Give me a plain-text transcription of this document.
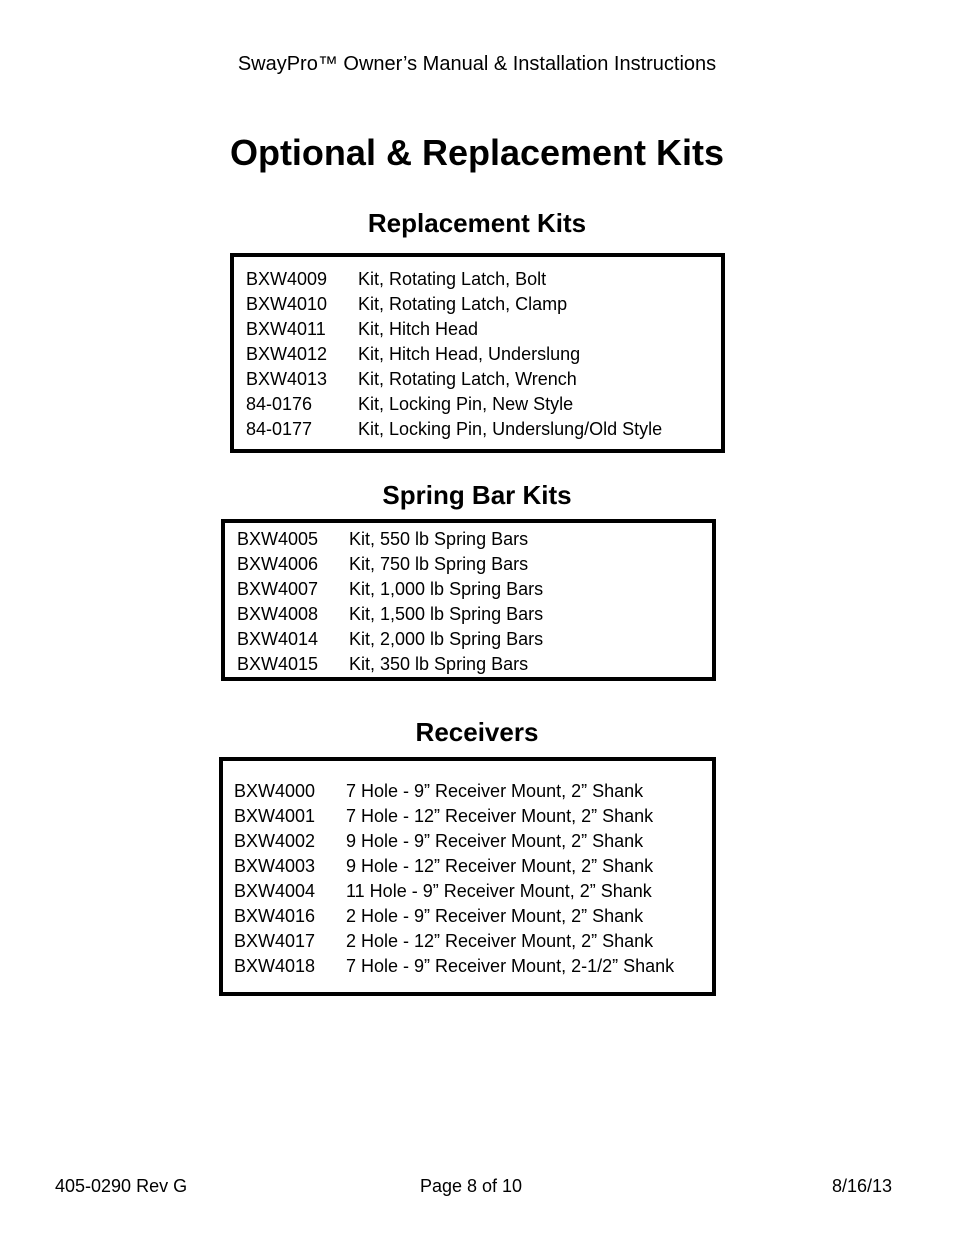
SwayPro™ Owner’s Manual & Installation Instructions
Optional & Replacement Kits
Replacement Kits
BXW4009 Kit, Rotating Latch, Bolt
BXW4010 Kit, Rotating Latch, Clamp
BXW4011 Kit, Hitch Head
BXW4012 Kit, Hitch Head, Underslung
BXW4013 Kit, Rotating Latch, Wrench
84-0176	Kit, Locking Pin, New Style
84-0177	Kit, Locking Pin, Underslung/Old Style
Spring Bar Kits
BXW4005 Kit, 550 lb Spring Bars
BXW4006 Kit, 750 lb Spring Bars
BXW4007 Kit, 1,000 lb Spring Bars
BXW4008 Kit, 1,500 lb Spring Bars
BXW4014 Kit, 2,000 lb Spring Bars
BXW4015 Kit, 350 lb Spring Bars
Receivers
BXW4000 7 Hole - 9” Receiver Mount, 2” Shank
BXW4001 7 Hole - 12” Receiver Mount, 2” Shank
BXW4002 9 Hole - 9” Receiver Mount, 2” Shank
BXW4003 9 Hole - 12” Receiver Mount, 2” Shank
BXW4004 11 Hole - 9” Receiver Mount, 2” Shank
BXW4016 2 Hole - 9” Receiver Mount, 2” Shank
BXW4017 2 Hole - 12” Receiver Mount, 2” Shank
BXW4018 7 Hole - 9” Receiver Mount, 2-1/2” Shank
405-0290 Rev G	Page 8 of 10	8/16/13
